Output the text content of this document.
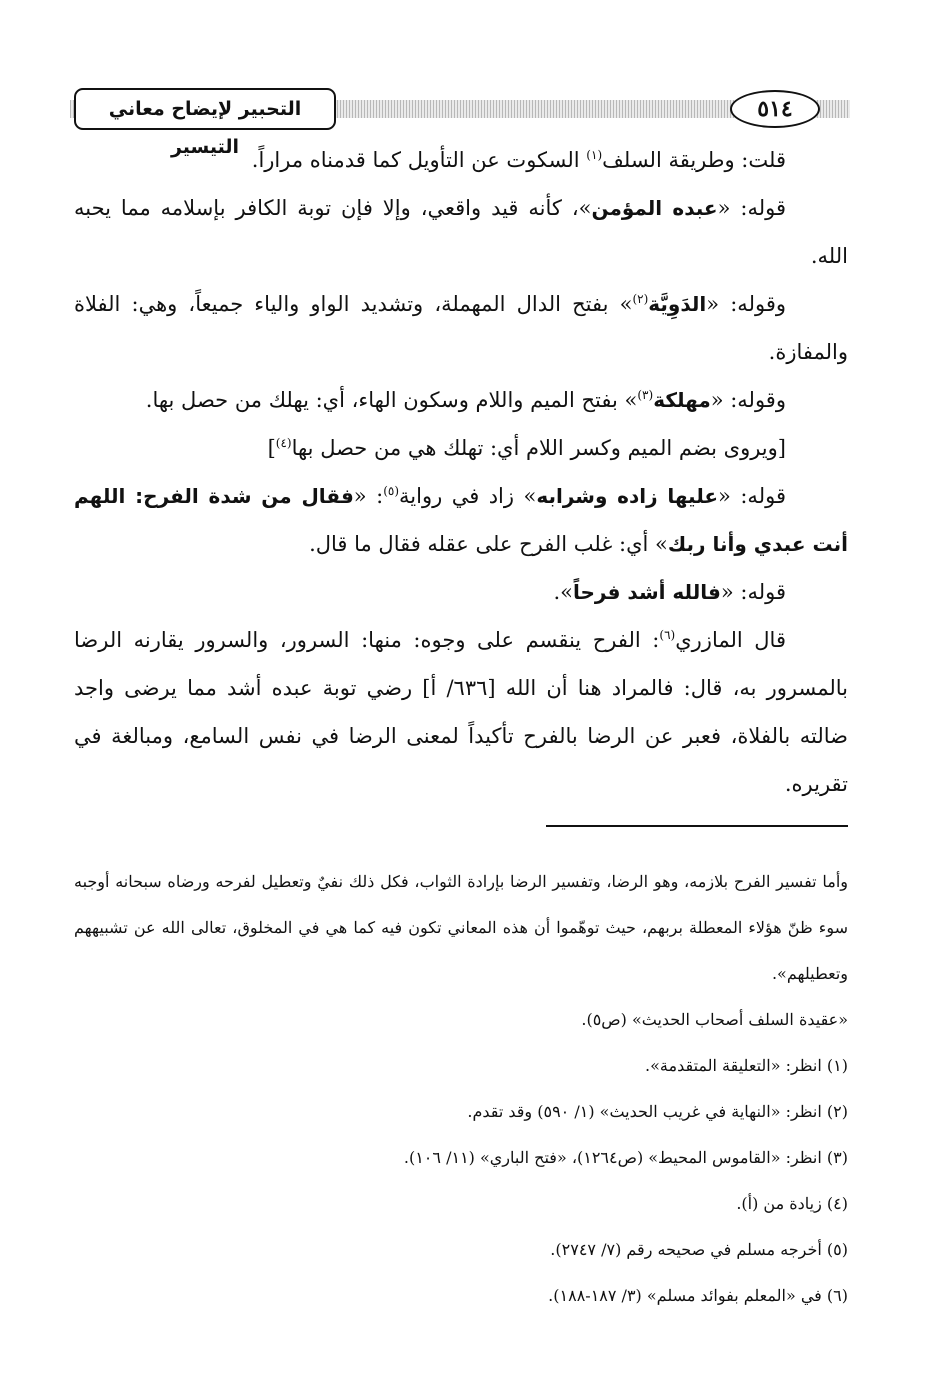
التحبير لإيضاح معاني التيسير
٥١٤

قلت: وطريقة السلف$^{(١)}$ السكوت عن التأويل كما قدمناه مراراً.

قوله: «عبده المؤمن»، كأنه قيد واقعي، وإلا فإن توبة الكافر بإسلامه مما يحبه الله.

وقوله: «الدَوِيَّة$^{(٢)}$» بفتح الدال المهملة، وتشديد الواو والياء جميعاً، وهي: الفلاة والمفازة.

وقوله: «مهلكة$^{(٣)}$» بفتح الميم واللام وسكون الهاء، أي: يهلك من حصل بها.

[ويروى بضم الميم وكسر اللام أي: تهلك هي من حصل بها$^{(٤)}$]

قوله: «عليها زاده وشرابه» زاد في رواية$^{(٥)}$: «فقال من شدة الفرح: اللهم أنت عبدي وأنا ربك» أي: غلب الفرح على عقله فقال ما قال.

قوله: «فالله أشد فرحاً».

قال المازري$^{(٦)}$: الفرح ينقسم على وجوه: منها: السرور، والسرور يقارنه الرضا بالمسرور به، قال: فالمراد هنا أن الله [٦٣٦/ أ] رضي توبة عبده أشد مما يرضى واجد ضالته بالفلاة، فعبر عن الرضا بالفرح تأكيداً لمعنى الرضا في نفس السامع، ومبالغة في تقريره.

وأما تفسير الفرح بلازمه، وهو الرضا، وتفسير الرضا بإرادة الثواب، فكل ذلك نفيٌ وتعطيل لفرحه ورضاه سبحانه أوجبه سوء ظنّ هؤلاء المعطلة بربهم، حيث توهّموا أن هذه المعاني تكون فيه كما هي في المخلوق، تعالى الله عن تشبيههم وتعطيلهم».

«عقيدة السلف أصحاب الحديث» (ص٥).

(١) انظر: «التعليقة المتقدمة».

(٢) انظر: «النهاية في غريب الحديث» (١/ ٥٩٠) وقد تقدم.

(٣) انظر: «القاموس المحيط» (ص١٢٦٤)، «فتح الباري» (١١/ ١٠٦).

(٤) زيادة من (أ).

(٥) أخرجه مسلم في صحيحه رقم (٧/ ٢٧٤٧).

(٦) في «المعلم بفوائد مسلم» (٣/ ١٨٧-١٨٨).
